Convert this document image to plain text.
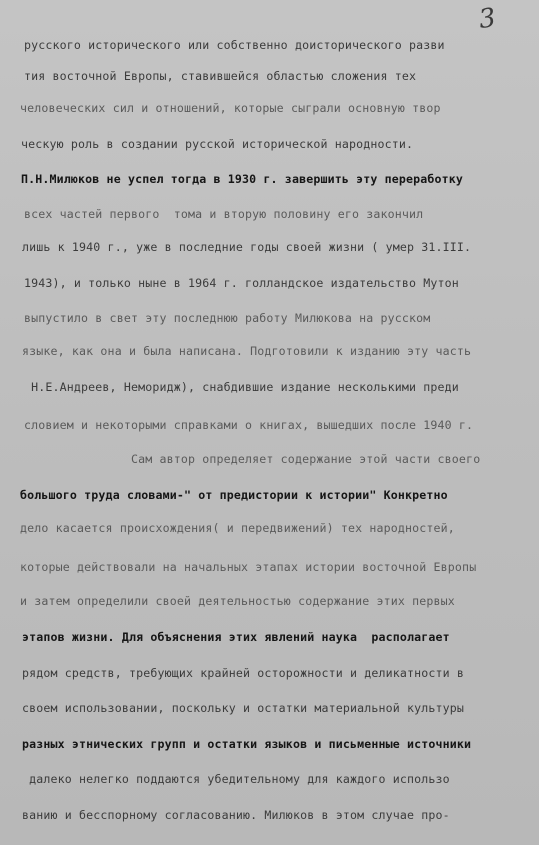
3
русского исторического или собственно доисторического разви
тия восточной Европы, ставившейся областью сложения тех
человеческих сил и отношений, которые сыграли основную твор
ческую роль в создании русской исторической народности.
П.Н.Милюков не успел тогда в 1930 г. завершить эту переработку
всех частей первого  тома и вторую половину его закончил
лишь к 1940 г., уже в последние годы своей жизни ( умер 31.III.
1943), и только ныне в 1964 г. голландское издательство Мутон
выпустило в свет эту последнюю работу Милюкова на русском
языке, как она и была написана. Подготовили к изданию эту часть
Н.Е.Андреев, Немоpидж), снабдившие издание несколькими преди
словием и некоторыми справками о книгах, вышедших после 1940 г.
Сам автор определяет содержание этой части своего
большого труда словами-" от предистории к истории" Конкретно
дело касается происхождения( и передвижений) тех народностей,
которые действовали на начальных этапах истории восточной Европы
и затем определили своей деятельностью содержание этих первых
этапов жизни. Для объяснения этих явлений наука  располагает
рядом средств, требующих крайней осторожности и деликатности в
своем использовании, поскольку и остатки материальной культуры
разных этнических групп и остатки языков и письменные источники
далеко нелегко поддаются убедительному для каждого использо
ванию и бесспорному согласованию. Милюков в этом случае про-
